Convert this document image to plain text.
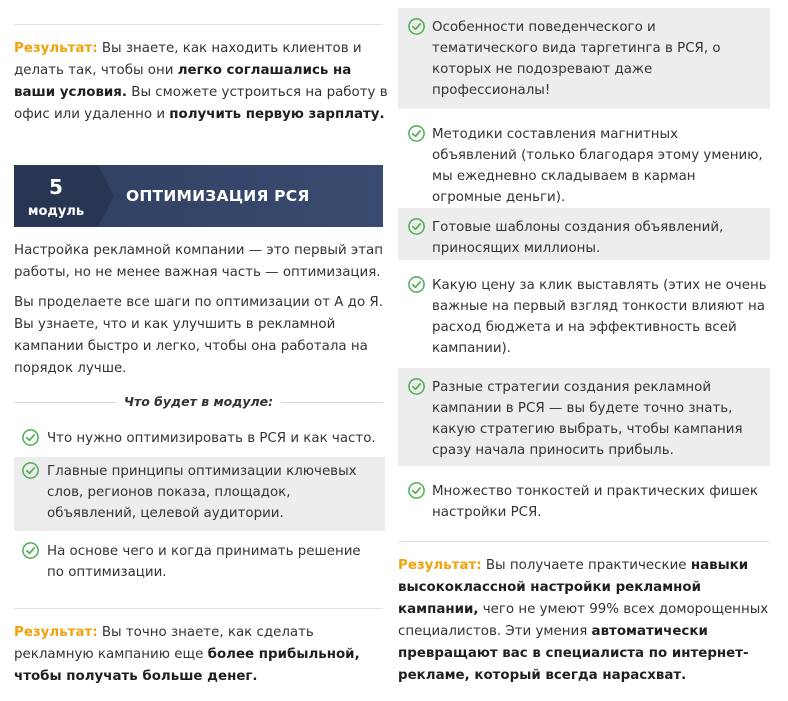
Результат: Вы знаете, как находить клиентов и
делать так, чтобы они легко соглашались на
ваши условия. Вы сможете устроиться на работу в
офис или удаленно и получить первую зарплату.
5
модуль
ОПТИМИЗАЦИЯ РСЯ
Настройка рекламной компании — это первый этап
работы, но не менее важная часть — оптимизация.
Вы проделаете все шаги по оптимизации от А до Я.
Вы узнаете, что и как улучшить в рекламной
кампании быстро и легко, чтобы она работала на
порядок лучше.
Что будет в модуле:
Что нужно оптимизировать в РСЯ и как часто.
Главные принципы оптимизации ключевых
слов, регионов показа, площадок,
объявлений, целевой аудитории.
На основе чего и когда принимать решение
по оптимизации.
Результат: Вы точно знаете, как сделать
рекламную кампанию еще более прибыльной,
чтобы получать больше денег.
Особенности поведенческого и
тематического вида таргетинга в РСЯ, о
которых не подозревают даже
профессионалы!
Методики составления магнитных
объявлений (только благодаря этому умению,
мы ежедневно складываем в карман
огромные деньги).
Готовые шаблоны создания объявлений,
приносящих миллионы.
Какую цену за клик выставлять (этих не очень
важные на первый взгляд тонкости влияют на
расход бюджета и на эффективность всей
кампании).
Разные стратегии создания рекламной
кампании в РСЯ — вы будете точно знать,
какую стратегию выбрать, чтобы кампания
сразу начала приносить прибыль.
Множество тонкостей и практических фишек
настройки РСЯ.
Результат: Вы получаете практические навыки
высококлассной настройки рекламной
кампании, чего не умеют 99% всех доморощенных
специалистов. Эти умения автоматически
превращают вас в специалиста по интернет-
рекламе, который всегда нарасхват.
